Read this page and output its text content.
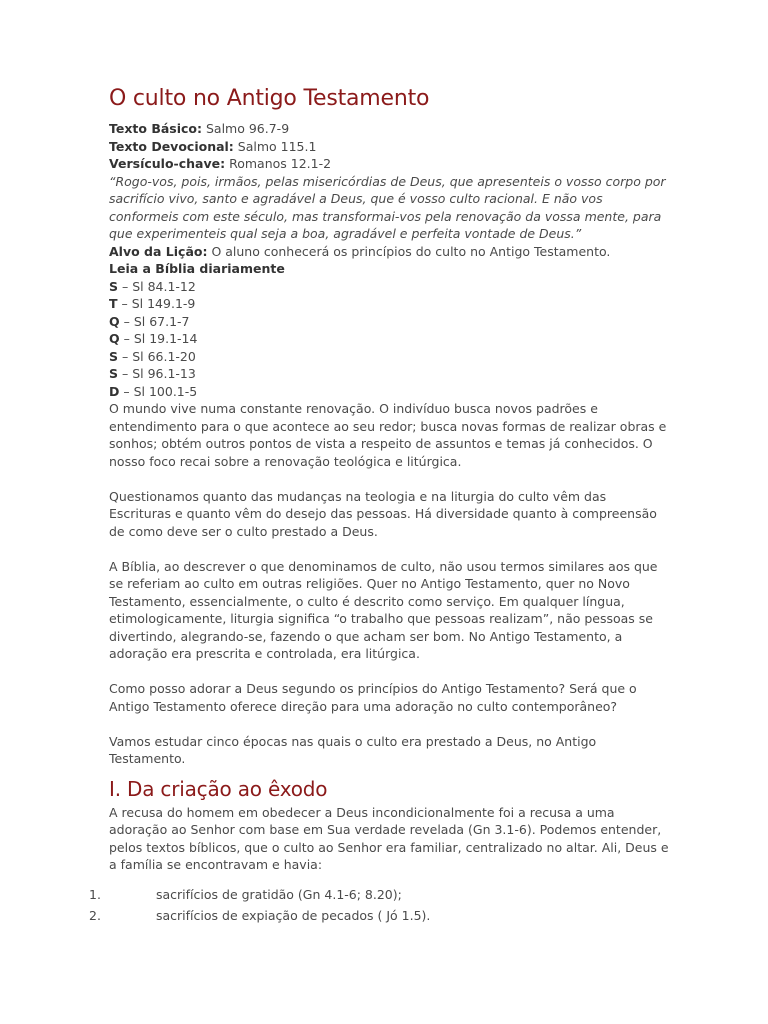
O culto no Antigo Testamento
Texto Básico: Salmo 96.7-9
Texto Devocional: Salmo 115.1
Versículo-chave: Romanos 12.1-2
“Rogo-vos, pois, irmãos, pelas misericórdias de Deus, que apresenteis o vosso corpo por sacrifício vivo, santo e agradável a Deus, que é vosso culto racional. E não vos conformeis com este século, mas transformai-vos pela renovação da vossa mente, para que experimenteis qual seja a boa, agradável e perfeita vontade de Deus.”
Alvo da Lição: O aluno conhecerá os princípios do culto no Antigo Testamento.
Leia a Bíblia diariamente
S – Sl 84.1-12
T – Sl 149.1-9
Q – Sl 67.1-7
Q – Sl 19.1-14
S – Sl 66.1-20
S – Sl 96.1-13
D – Sl 100.1-5

O mundo vive numa constante renovação. O indivíduo busca novos padrões e entendimento para o que acontece ao seu redor; busca novas formas de realizar obras e sonhos; obtém outros pontos de vista a respeito de assuntos e temas já conhecidos. O nosso foco recai sobre a renovação teológica e litúrgica.

Questionamos quanto das mudanças na teologia e na liturgia do culto vêm das Escrituras e quanto vêm do desejo das pessoas. Há diversidade quanto à compreensão de como deve ser o culto prestado a Deus.

A Bíblia, ao descrever o que denominamos de culto, não usou termos similares aos que se referiam ao culto em outras religiões. Quer no Antigo Testamento, quer no Novo Testamento, essencialmente, o culto é descrito como serviço. Em qualquer língua, etimologicamente, liturgia significa “o trabalho que pessoas realizam”, não pessoas se divertindo, alegrando-se, fazendo o que acham ser bom. No Antigo Testamento, a adoração era prescrita e controlada, era litúrgica.

Como posso adorar a Deus segundo os princípios do Antigo Testamento? Será que o Antigo Testamento oferece direção para uma adoração no culto contemporâneo?

Vamos estudar cinco épocas nas quais o culto era prestado a Deus, no Antigo Testamento.

I. Da criação ao êxodo
A recusa do homem em obedecer a Deus incondicionalmente foi a recusa a uma adoração ao Senhor com base em Sua verdade revelada (Gn 3.1-6). Podemos entender, pelos textos bíblicos, que o culto ao Senhor era familiar, centralizado no altar. Ali, Deus e a família se encontravam e havia:
1.	sacrifícios de gratidão (Gn 4.1-6; 8.20);
2.	sacrifícios de expiação de pecados ( Jó 1.5).
